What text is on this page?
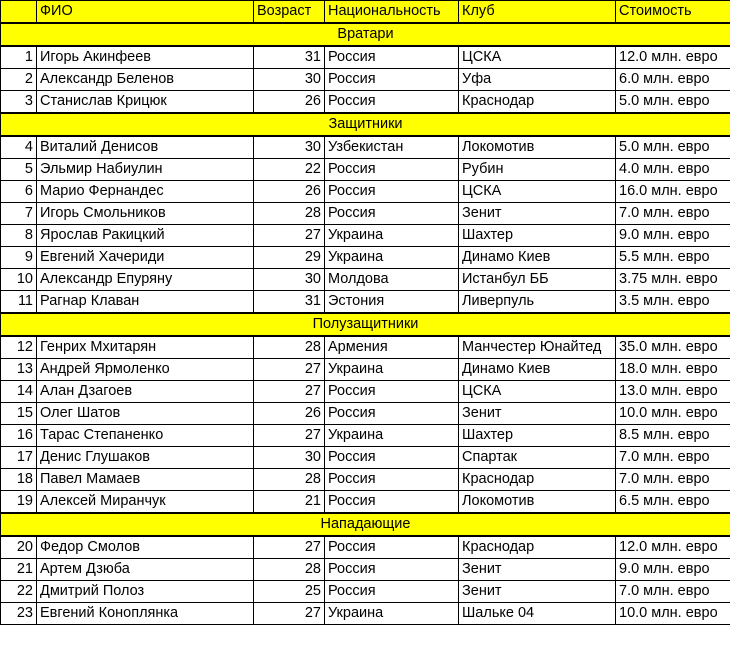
	ФИО	Возраст	Национальность	Клуб	Стоимость
Вратари					
1	Игорь Акинфеев	31	Россия	ЦСКА	12.0 млн. евро
2	Александр Беленов	30	Россия	Уфа	6.0 млн. евро
3	Станислав Крицюк	26	Россия	Краснодар	5.0 млн. евро
Защитники					
4	Виталий Денисов	30	Узбекистан	Локомотив	5.0 млн. евро
5	Эльмир Набиулин	22	Россия	Рубин	4.0 млн. евро
6	Марио Фернандес	26	Россия	ЦСКА	16.0 млн. евро
7	Игорь Смольников	28	Россия	Зенит	7.0 млн. евро
8	Ярослав Ракицкий	27	Украина	Шахтер	9.0 млн. евро
9	Евгений Хачериди	29	Украина	Динамо Киев	5.5 млн. евро
10	Александр Епуряну	30	Молдова	Истанбул ББ	3.75 млн. евро
11	Рагнар Клаван	31	Эстония	Ливерпуль	3.5 млн. евро
Полузащитники					
12	Генрих Мхитарян	28	Армения	Манчестер Юнайтед	35.0 млн. евро
13	Андрей Ярмоленко	27	Украина	Динамо Киев	18.0 млн. евро
14	Алан Дзагоев	27	Россия	ЦСКА	13.0 млн. евро
15	Олег Шатов	26	Россия	Зенит	10.0 млн. евро
16	Тарас Степаненко	27	Украина	Шахтер	8.5 млн. евро
17	Денис Глушаков	30	Россия	Спартак	7.0 млн. евро
18	Павел Мамаев	28	Россия	Краснодар	7.0 млн. евро
19	Алексей Миранчук	21	Россия	Локомотив	6.5 млн. евро
Нападающие					
20	Федор Смолов	27	Россия	Краснодар	12.0 млн. евро
21	Артем Дзюба	28	Россия	Зенит	9.0 млн. евро
22	Дмитрий Полоз	25	Россия	Зенит	7.0 млн. евро
23	Евгений Коноплянка	27	Украина	Шальке 04	10.0 млн. евро
